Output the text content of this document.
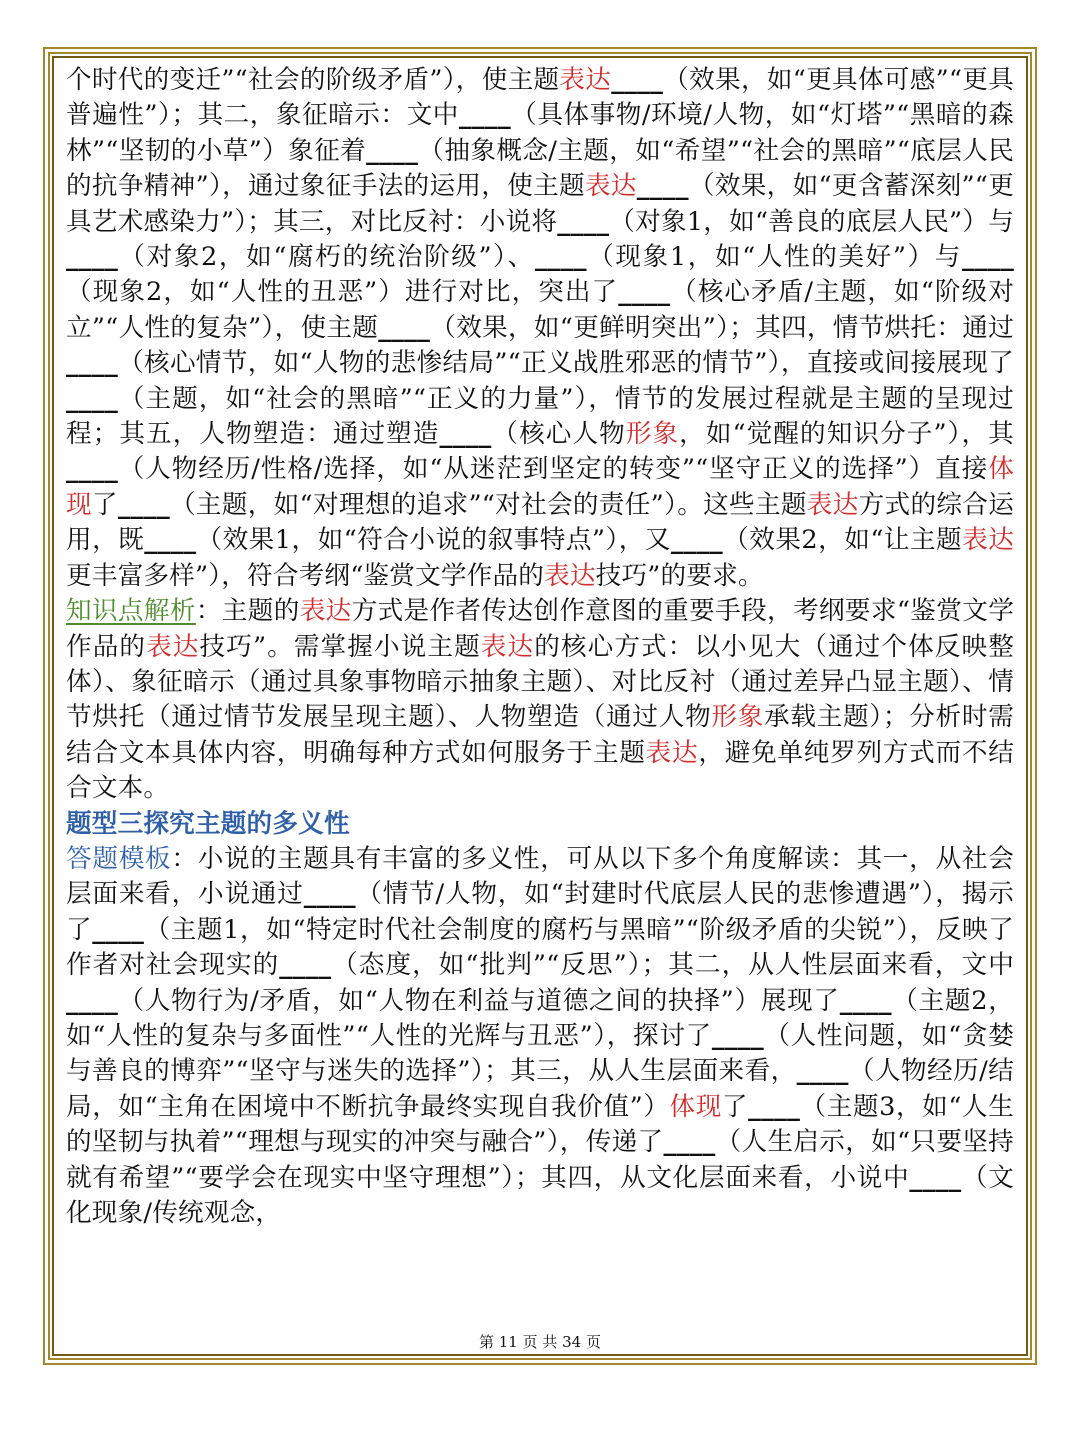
个时代的变迁”“社会的阶级矛盾”），使主题表达____（效果，如“更具体可感”“更具普遍性”）；其二，象征暗示：文中____（具体事物/环境/人物，如“灯塔”“黑暗的森林”“坚韧的小草”）象征着____（抽象概念/主题，如“希望”“社会的黑暗”“底层人民的抗争精神”），通过象征手法的运用，使主题表达____（效果，如“更含蓄深刻”“更具艺术感染力”）；其三，对比反衬：小说将____（对象1，如“善良的底层人民”）与____（对象2，如“腐朽的统治阶级”）、____（现象1，如“人性的美好”）与____（现象2，如“人性的丑恶”）进行对比，突出了____（核心矛盾/主题，如“阶级对立”“人性的复杂”），使主题____（效果，如“更鲜明突出”）；其四，情节烘托：通过____（核心情节，如“人物的悲惨结局”“正义战胜邪恶的情节”），直接或间接展现了____（主题，如“社会的黑暗”“正义的力量”），情节的发展过程就是主题的呈现过程；其五，人物塑造：通过塑造____（核心人物形象，如“觉醒的知识分子”），其____（人物经历/性格/选择，如“从迷茫到坚定的转变”“坚守正义的选择”）直接体现了____（主题，如“对理想的追求”“对社会的责任”）。这些主题表达方式的综合运用，既____（效果1，如“符合小说的叙事特点”），又____（效果2，如“让主题表达更丰富多样”），符合考纲“鉴赏文学作品的表达技巧”的要求。

知识点解析：主题的表达方式是作者传达创作意图的重要手段，考纲要求“鉴赏文学作品的表达技巧”。需掌握小说主题表达的核心方式：以小见大（通过个体反映整体）、象征暗示（通过具象事物暗示抽象主题）、对比反衬（通过差异凸显主题）、情节烘托（通过情节发展呈现主题）、人物塑造（通过人物形象承载主题）；分析时需结合文本具体内容，明确每种方式如何服务于主题表达，避免单纯罗列方式而不结合文本。

题型三探究主题的多义性

答题模板：小说的主题具有丰富的多义性，可从以下多个角度解读：其一，从社会层面来看，小说通过____（情节/人物，如“封建时代底层人民的悲惨遭遇”），揭示了____（主题1，如“特定时代社会制度的腐朽与黑暗”“阶级矛盾的尖锐”），反映了作者对社会现实的____（态度，如“批判”“反思”）；其二，从人性层面来看，文中____（人物行为/矛盾，如“人物在利益与道德之间的抉择”）展现了____（主题2，如“人性的复杂与多面性”“人性的光辉与丑恶”），探讨了____（人性问题，如“贪婪与善良的博弈”“坚守与迷失的选择”）；其三，从人生层面来看，____（人物经历/结局，如“主角在困境中不断抗争最终实现自我价值”）体现了____（主题3，如“人生的坚韧与执着”“理想与现实的冲突与融合”），传递了____（人生启示，如“只要坚持就有希望”“要学会在现实中坚守理想”）；其四，从文化层面来看，小说中____（文化现象/传统观念，

第 11 页 共 34 页
